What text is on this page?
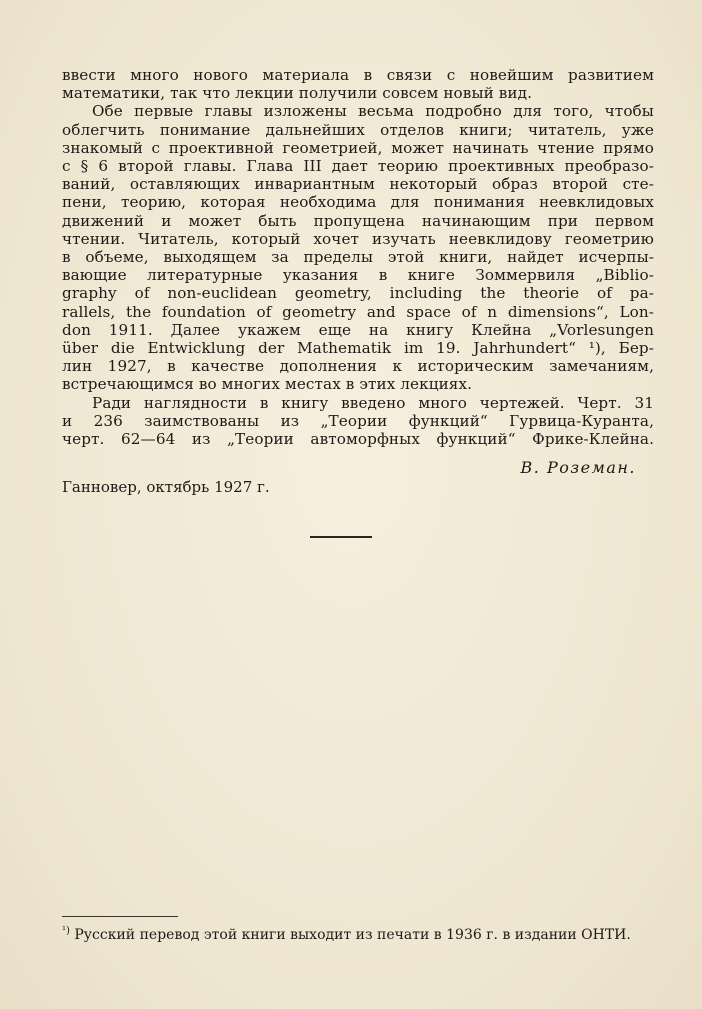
ввести много нового материала в связи с новейшим развитием
математики, так что лекции получили совсем новый вид.
Обе первые главы изложены весьма подробно для того, чтобы
облегчить понимание дальнейших отделов книги; читатель, уже
знакомый с проективной геометрией, может начинать чтение прямо
с § 6 второй главы. Глава III дает теорию проективных преобразо-
ваний, оставляющих инвариантным некоторый образ второй сте-
пени, теорию, которая необходима для понимания неевклидовых
движений и может быть пропущена начинающим при первом
чтении. Читатель, который хочет изучать неевклидову геометрию
в объеме, выходящем за пределы этой книги, найдет исчерпы-
вающие литературные указания в книге Зоммервиля „Biblio-
graphy of non-euclidean geometry, including the theorie of pa-
rallels, the foundation of geometry and space of n dimensions“, Lon-
don 1911. Далее укажем еще на книгу Клейна „Vorlesungen
über die Entwicklung der Mathematik im 19. Jahrhundert“ ¹), Бер-
лин 1927, в качестве дополнения к историческим замечаниям,
встречающимся во многих местах в этих лекциях.
Ради наглядности в книгу введено много чертежей. Черт. 31
и 236 заимствованы из „Теории функций“ Гурвица-Куранта,
черт. 62—64 из „Теории автоморфных функций“ Фрике-Клейна.
В. Роземан.
Ганновер, октябрь 1927 г.
$^{^1)}$ Русский перевод этой книги выходит из печати в 1936 г. в издании ОНТИ.
